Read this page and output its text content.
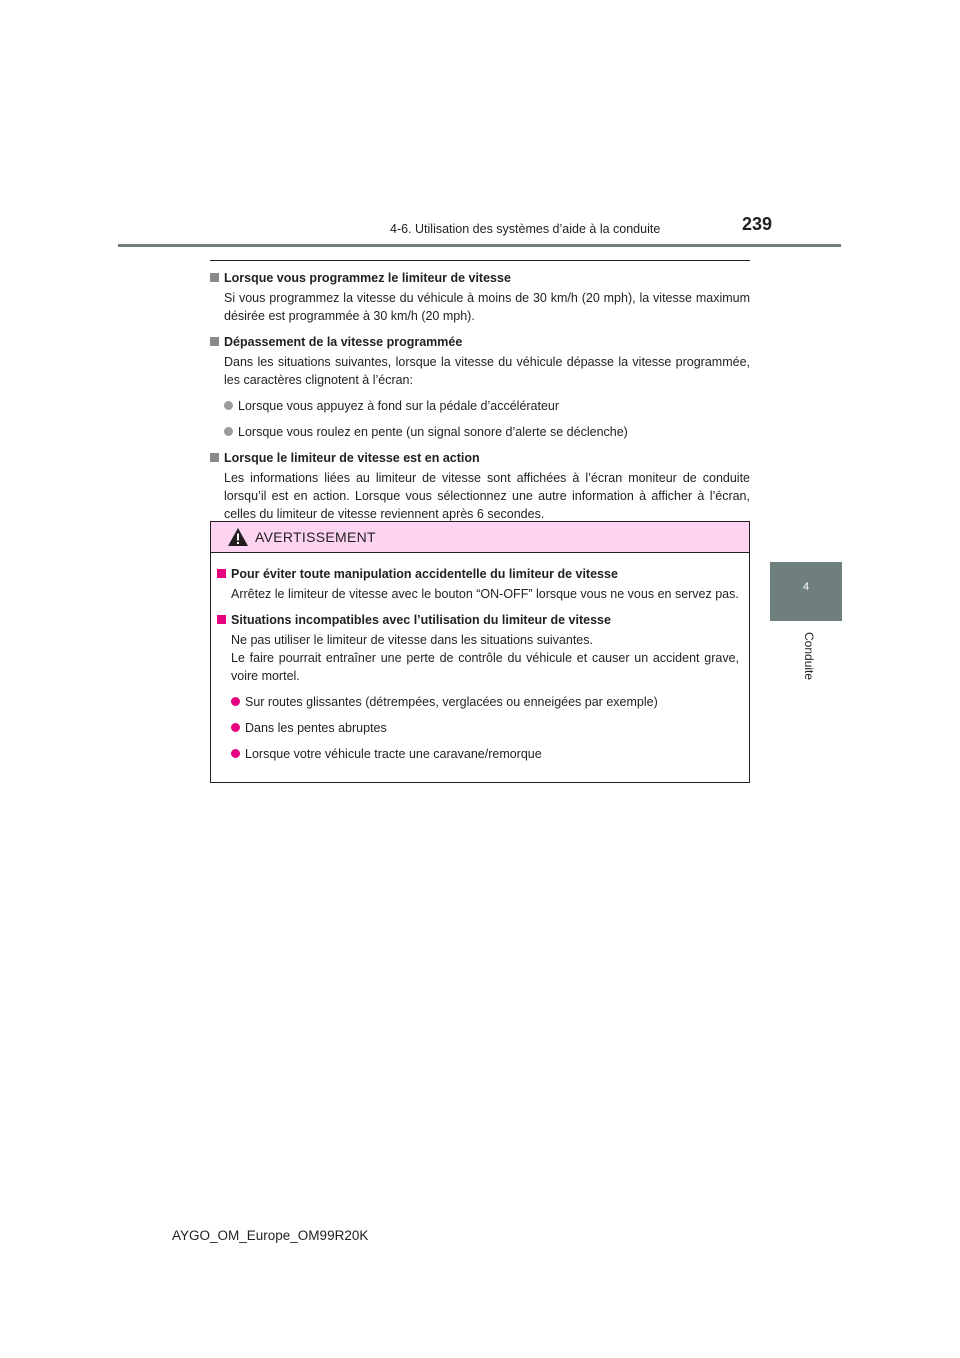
4-6. Utilisation des systèmes d’aide à la conduite	239
4
Conduite
Lorsque vous programmez le limiteur de vitesse
Si vous programmez la vitesse du véhicule à moins de 30 km/h (20 mph), la vitesse maximum désirée est programmée à 30 km/h (20 mph).
Dépassement de la vitesse programmée
Dans les situations suivantes, lorsque la vitesse du véhicule dépasse la vitesse programmée, les caractères clignotent à l’écran:
Lorsque vous appuyez à fond sur la pédale d’accélérateur
Lorsque vous roulez en pente (un signal sonore d’alerte se déclenche)
Lorsque le limiteur de vitesse est en action
Les informations liées au limiteur de vitesse sont affichées à l’écran moniteur de conduite lorsqu’il est en action. Lorsque vous sélectionnez une autre information à afficher à l’écran, celles du limiteur de vitesse reviennent après 6 secondes.
AVERTISSEMENT
Pour éviter toute manipulation accidentelle du limiteur de vitesse
Arrêtez le limiteur de vitesse avec le bouton “ON-OFF” lorsque vous ne vous en servez pas.
Situations incompatibles avec l’utilisation du limiteur de vitesse
Ne pas utiliser le limiteur de vitesse dans les situations suivantes.
Le faire pourrait entraîner une perte de contrôle du véhicule et causer un accident grave, voire mortel.
Sur routes glissantes (détrempées, verglacées ou enneigées par exemple)
Dans les pentes abruptes
Lorsque votre véhicule tracte une caravane/remorque
AYGO_OM_Europe_OM99R20K
